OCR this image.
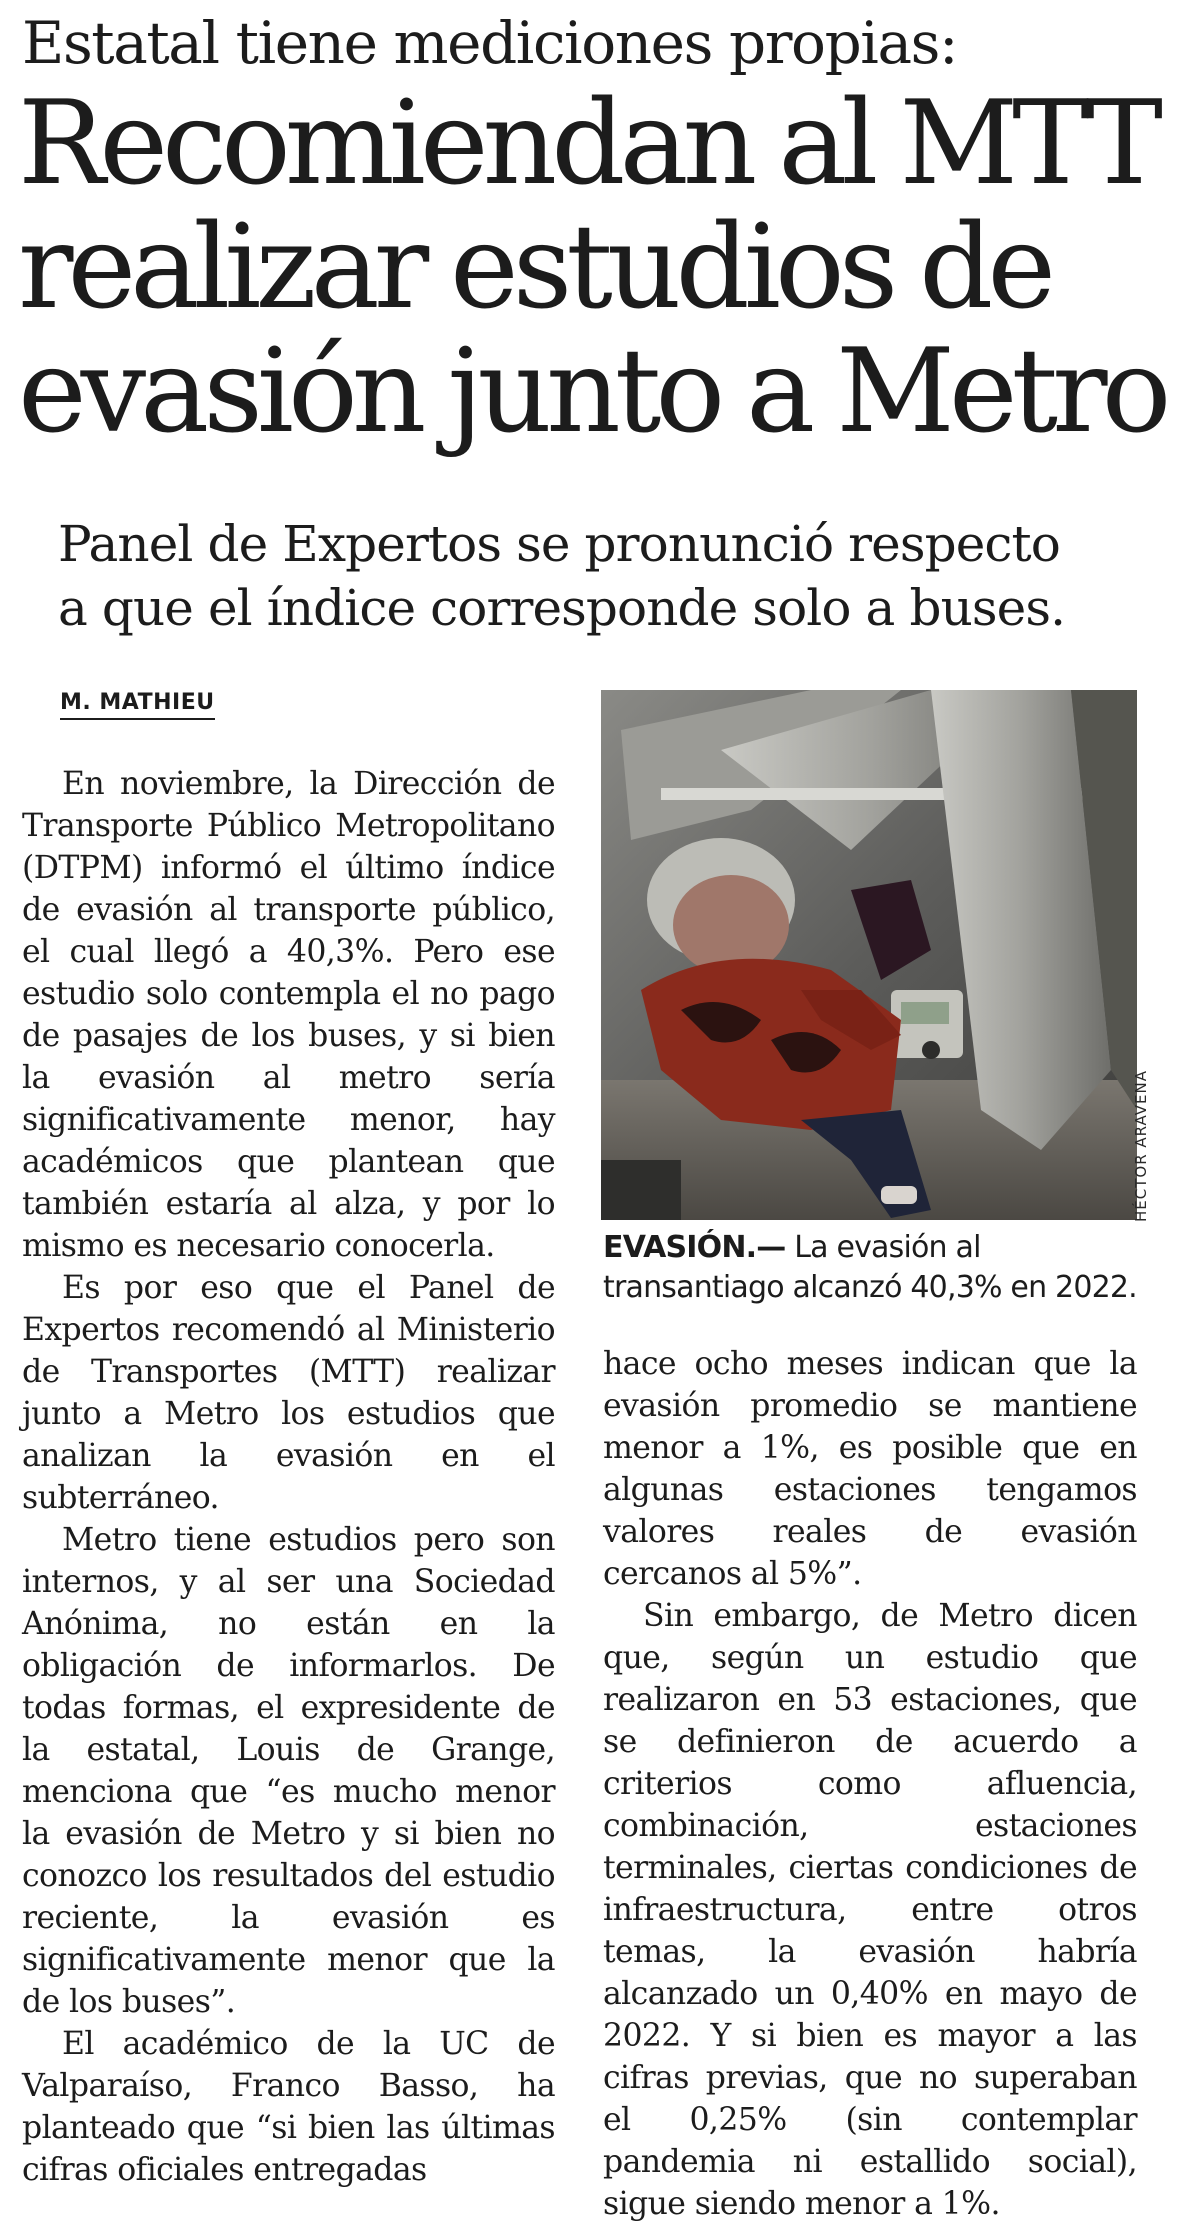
Estatal tiene mediciones propias:
Recomiendan al MTT
realizar estudios de
evasión junto a Metro
Panel de Expertos se pronunció respecto
a que el índice corresponde solo a buses.
M. MATHIEU

En noviembre, la Dirección de Transporte Público Metropolitano (DTPM) informó el último índice de evasión al transporte público, el cual llegó a 40,3%. Pero ese estudio solo contempla el no pago de pasajes de los buses, y si bien la evasión al metro sería significativamente menor, hay académicos que plantean que también estaría al alza, y por lo mismo es necesario conocerla.

Es por eso que el Panel de Expertos recomendó al Ministerio de Transportes (MTT) realizar junto a Metro los estudios que analizan la evasión en el subterráneo.

Metro tiene estudios pero son internos, y al ser una Sociedad Anónima, no están en la obligación de informarlos. De todas formas, el expresidente de la estatal, Louis de Grange, menciona que “es mucho menor la evasión de Metro y si bien no conozco los resultados del estudio reciente, la evasión es significativamente menor que la de los buses”.

El académico de la UC de Valparaíso, Franco Basso, ha planteado que “si bien las últimas cifras oficiales entregadas

HÉCTOR ARAVENA
EVASIÓN.— La evasión al transantiago alcanzó 40,3% en 2022.

hace ocho meses indican que la evasión promedio se mantiene menor a 1%, es posible que en algunas estaciones tengamos valores reales de evasión cercanos al 5%”.

Sin embargo, de Metro dicen que, según un estudio que realizaron en 53 estaciones, que se definieron de acuerdo a criterios como afluencia, combinación, estaciones terminales, ciertas condiciones de infraestructura, entre otros temas, la evasión habría alcanzado un 0,40% en mayo de 2022. Y si bien es mayor a las cifras previas, que no superaban el 0,25% (sin contemplar pandemia ni estallido social), sigue siendo menor a 1%.
